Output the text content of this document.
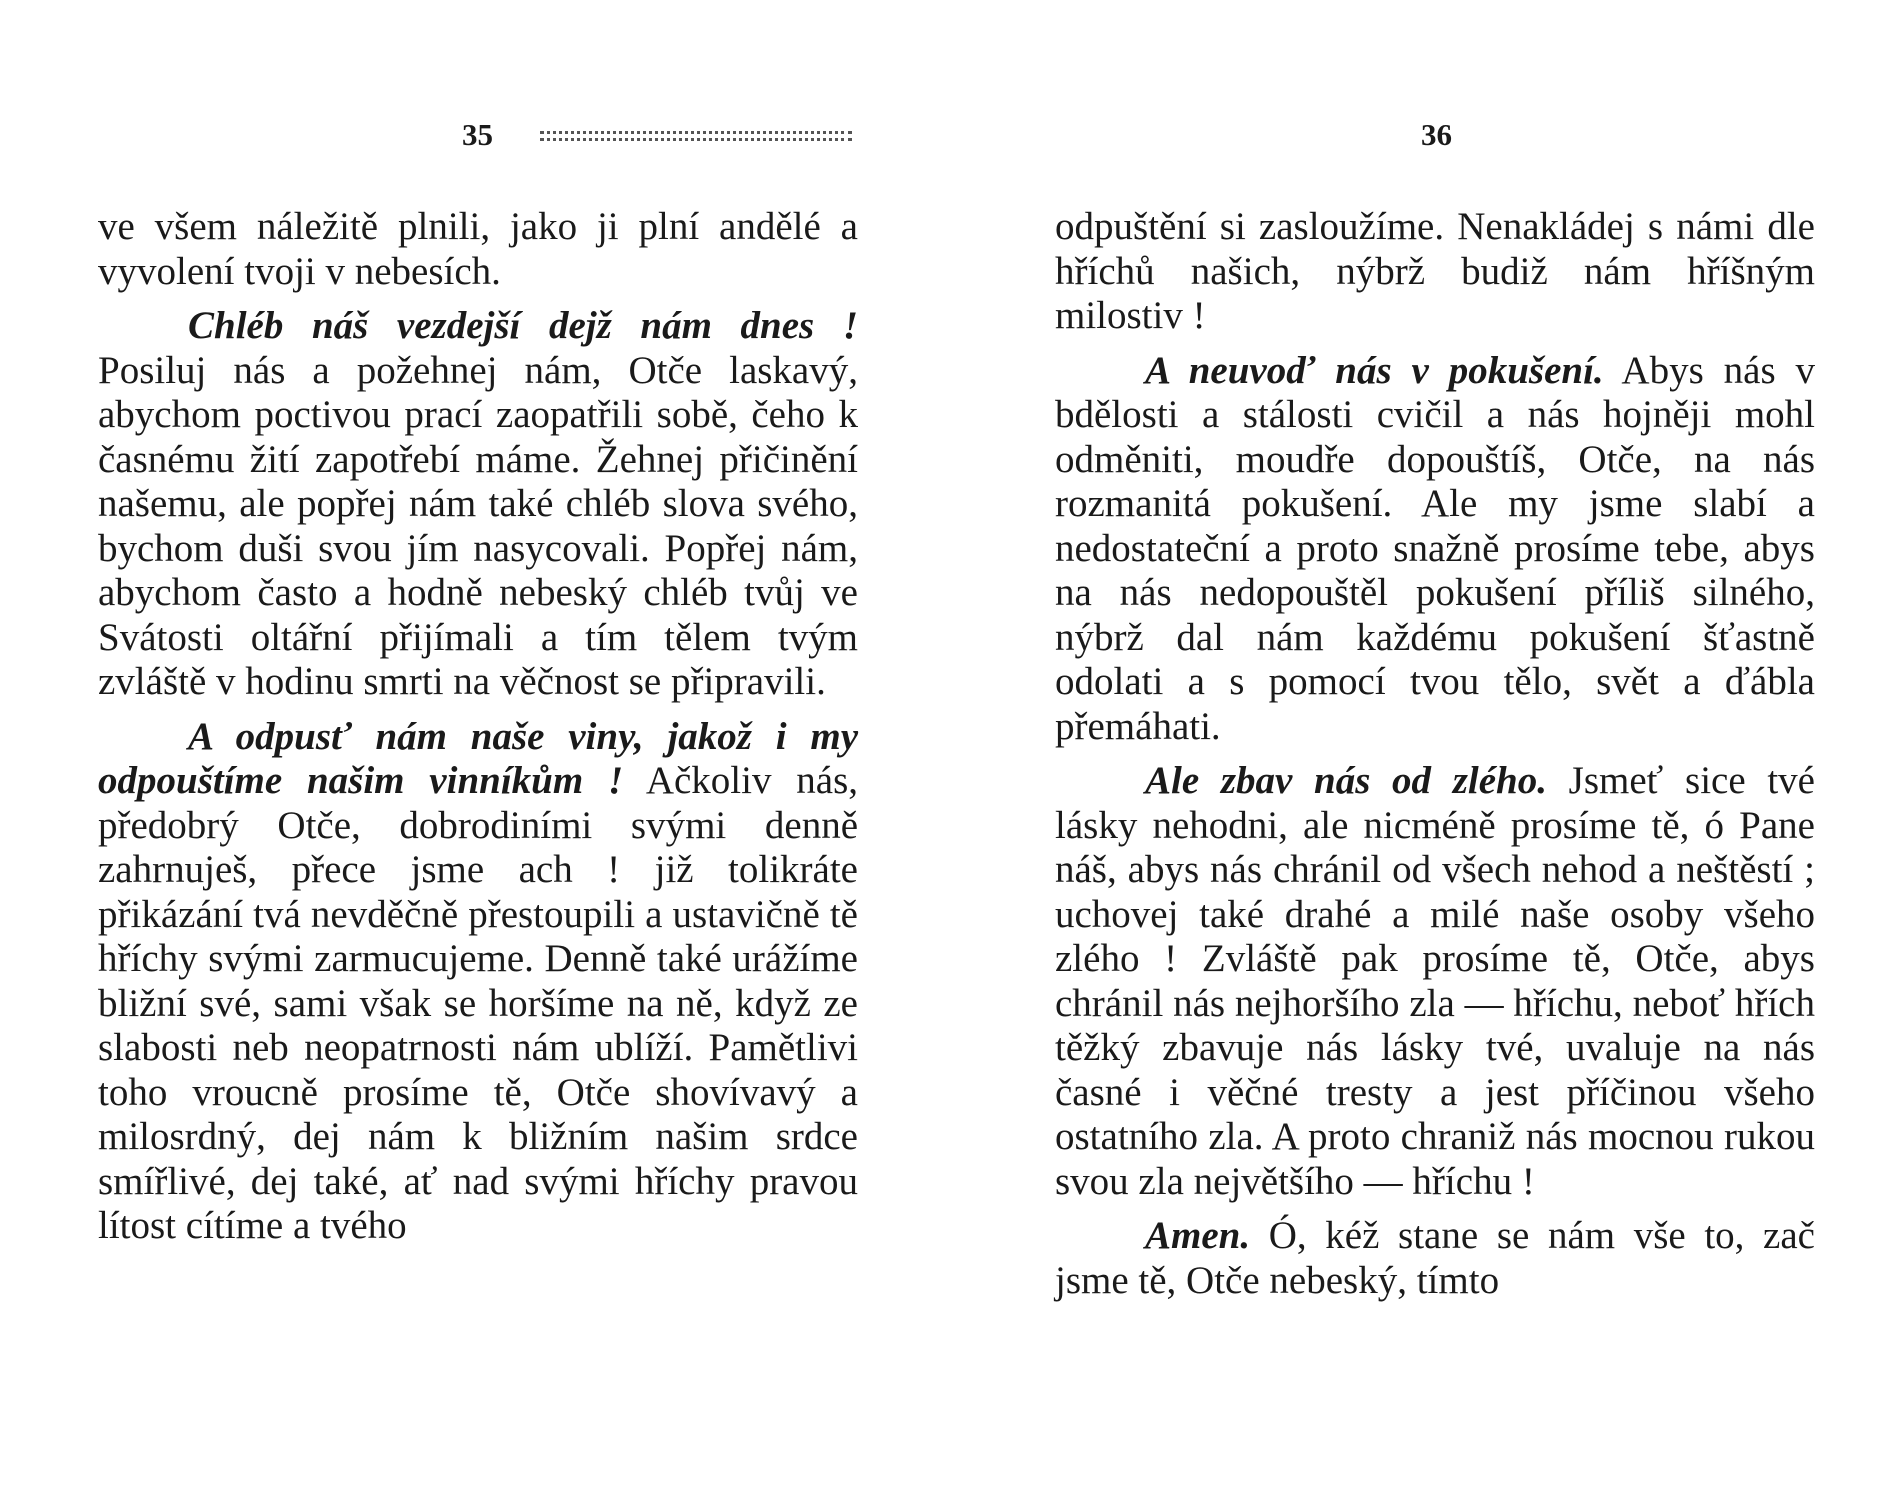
35

ve všem náležitě plnili, jako ji plní andělé a vyvolení tvoji v nebesích.

Chléb náš vezdejší dejž nám dnes ! Posiluj nás a požehnej nám, Otče laskavý, abychom poctivou prací zaopatřili sobě, čeho k časnému žití zapotřebí máme. Žehnej přičinění našemu, ale popřej nám také chléb slova svého, bychom duši svou jím nasycovali. Popřej nám, abychom často a hodně nebeský chléb tvůj ve Svátosti oltářní přijímali a tím tělem tvým zvláště v hodinu smrti na věčnost se připravili.

A odpusť nám naše viny, jakož i my odpouštíme našim vinníkům ! Ačkoliv nás, předobrý Otče, dobrodiními svými denně zahrnuješ, přece jsme ach ! již tolikráte přikázání tvá nevděčně přestoupili a ustavičně tě hříchy svými zarmucujeme. Denně také urážíme bližní své, sami však se horšíme na ně, když ze slabosti neb neopatrnosti nám ublíží. Pamětlivi toho vroucně prosíme tě, Otče shovívavý a milosrdný, dej nám k bližním našim srdce smířlivé, dej také, ať nad svými hříchy pravou lítost cítíme a tvého

36

odpuštění si zasloužíme. Nenakládej s námi dle hříchů našich, nýbrž budiž nám hříšným milostiv !

A neuvoď nás v pokušení. Abys nás v bdělosti a stálosti cvičil a nás hojněji mohl odměniti, moudře dopouštíš, Otče, na nás rozmanitá pokušení. Ale my jsme slabí a nedostateční a proto snažně prosíme tebe, abys na nás nedopouštěl pokušení příliš silného, nýbrž dal nám každému pokušení šťastně odolati a s pomocí tvou tělo, svět a ďábla přemáhati.

Ale zbav nás od zlého. Jsmeť sice tvé lásky nehodni, ale nicméně prosíme tě, ó Pane náš, abys nás chránil od všech nehod a neštěstí ; uchovej také drahé a milé naše osoby všeho zlého ! Zvláště pak prosíme tě, Otče, abys chránil nás nejhoršího zla — hříchu, neboť hřích těžký zbavuje nás lásky tvé, uvaluje na nás časné i věčné tresty a jest příčinou všeho ostatního zla. A proto chraniž nás mocnou rukou svou zla největšího — hříchu !

Amen. Ó, kéž stane se nám vše to, zač jsme tě, Otče nebeský, tímto
